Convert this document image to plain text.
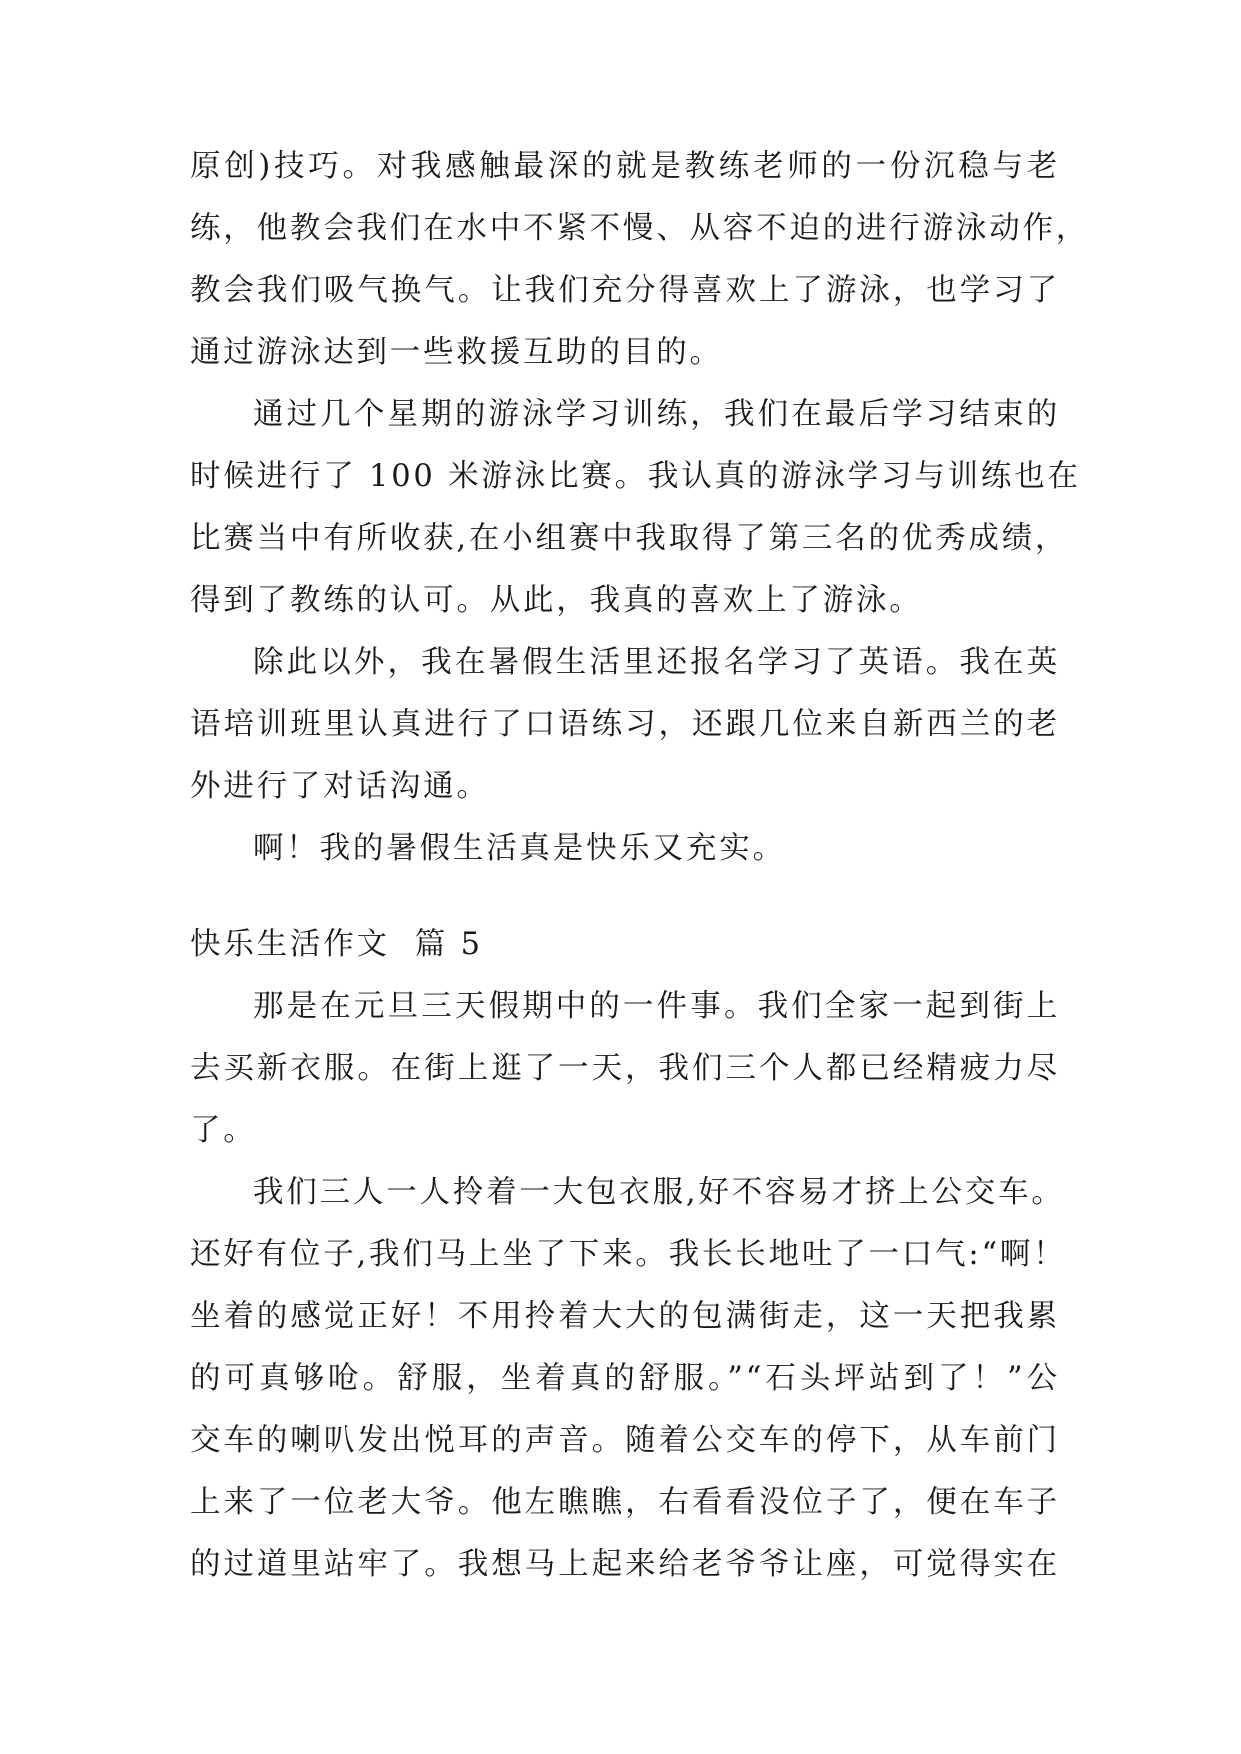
原创)技巧。对我感触最深的就是教练老师的一份沉稳与老
练，他教会我们在水中不紧不慢、从容不迫的进行游泳动作，
教会我们吸气换气。让我们充分得喜欢上了游泳，也学习了
通过游泳达到一些救援互助的目的。
通过几个星期的游泳学习训练，我们在最后学习结束的
时候进行了 100 米游泳比赛。我认真的游泳学习与训练也在
比赛当中有所收获,在小组赛中我取得了第三名的优秀成绩，
得到了教练的认可。从此，我真的喜欢上了游泳。
除此以外，我在暑假生活里还报名学习了英语。我在英
语培训班里认真进行了口语练习，还跟几位来自新西兰的老
外进行了对话沟通。
啊！我的暑假生活真是快乐又充实。
快乐生活作文  篇 5
那是在元旦三天假期中的一件事。我们全家一起到街上
去买新衣服。在街上逛了一天，我们三个人都已经精疲力尽
了。
我们三人一人拎着一大包衣服,好不容易才挤上公交车。
还好有位子,我们马上坐了下来。我长长地吐了一口气:“啊！
坐着的感觉正好！不用拎着大大的包满街走，这一天把我累
的可真够呛。舒服，坐着真的舒服。”“石头坪站到了！”公
交车的喇叭发出悦耳的声音。随着公交车的停下，从车前门
上来了一位老大爷。他左瞧瞧，右看看没位子了，便在车子
的过道里站牢了。我想马上起来给老爷爷让座，可觉得实在
